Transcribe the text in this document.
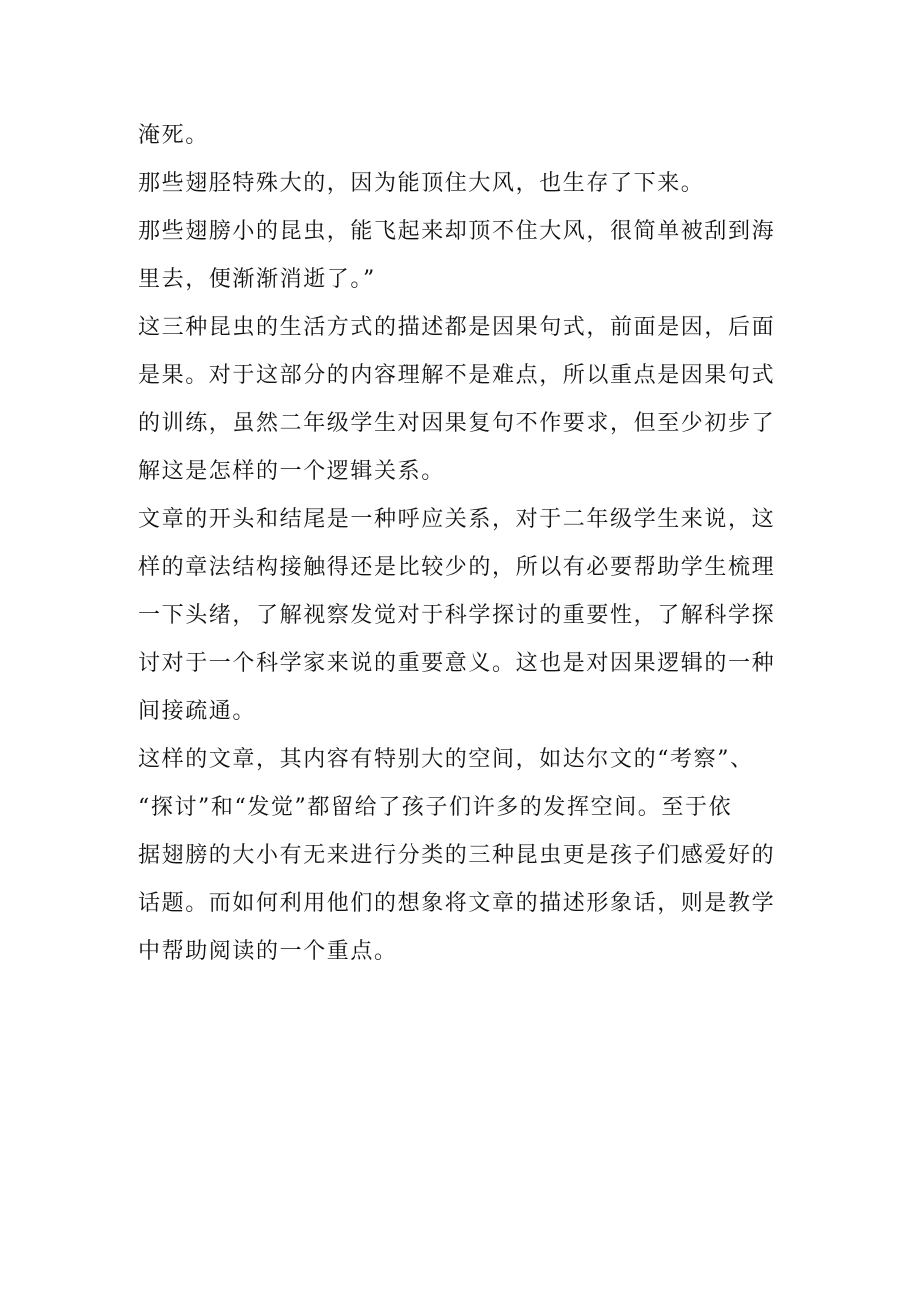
淹死。
那些翅胫特殊大的，因为能顶住大风，也生存了下来。
那些翅膀小的昆虫，能飞起来却顶不住大风，很简单被刮到海
里去，便渐渐消逝了。”
这三种昆虫的生活方式的描述都是因果句式，前面是因，后面
是果。对于这部分的内容理解不是难点，所以重点是因果句式
的训练，虽然二年级学生对因果复句不作要求，但至少初步了
解这是怎样的一个逻辑关系。
文章的开头和结尾是一种呼应关系，对于二年级学生来说，这
样的章法结构接触得还是比较少的，所以有必要帮助学生梳理
一下头绪，了解视察发觉对于科学探讨的重要性，了解科学探
讨对于一个科学家来说的重要意义。这也是对因果逻辑的一种
间接疏通。
这样的文章，其内容有特别大的空间，如达尔文的“考察”、
“探讨”和“发觉”都留给了孩子们许多的发挥空间。至于依
据翅膀的大小有无来进行分类的三种昆虫更是孩子们感爱好的
话题。而如何利用他们的想象将文章的描述形象话，则是教学
中帮助阅读的一个重点。
